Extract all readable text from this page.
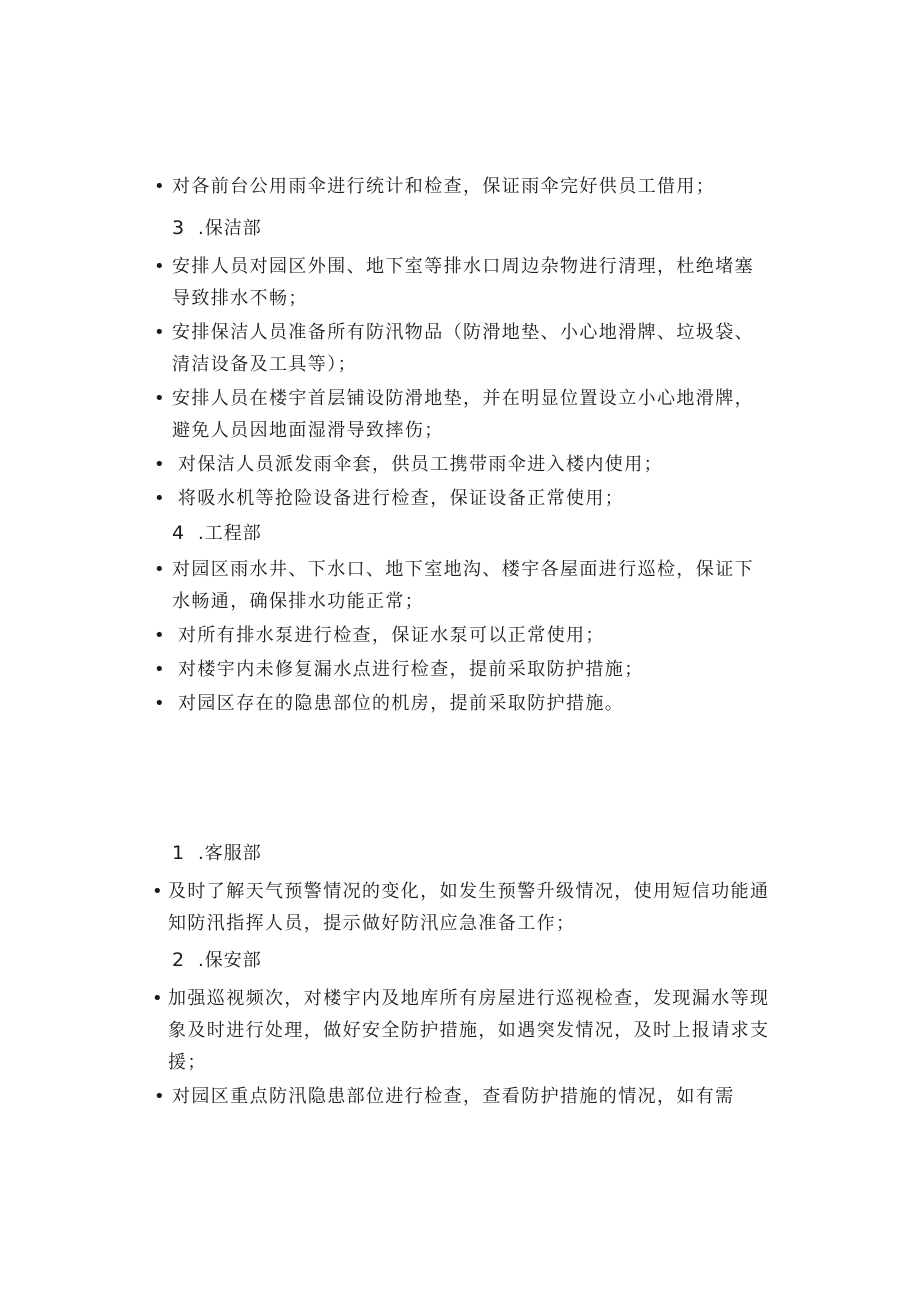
• 对各前台公用雨伞进行统计和检查，保证雨伞完好供员工借用；
3 .保洁部
• 安排人员对园区外围、地下室等排水口周边杂物进行清理，杜绝堵塞导致排水不畅；
• 安排保洁人员准备所有防汛物品（防滑地垫、小心地滑牌、垃圾袋、清洁设备及工具等）；
• 安排人员在楼宇首层铺设防滑地垫，并在明显位置设立小心地滑牌，避免人员因地面湿滑导致摔伤；
• 对保洁人员派发雨伞套，供员工携带雨伞进入楼内使用；
• 将吸水机等抢险设备进行检查，保证设备正常使用；
4 .工程部
• 对园区雨水井、下水口、地下室地沟、楼宇各屋面进行巡检，保证下水畅通，确保排水功能正常；
• 对所有排水泵进行检查，保证水泵可以正常使用；
• 对楼宇内未修复漏水点进行检查，提前采取防护措施；
• 对园区存在的隐患部位的机房，提前采取防护措施。
1 .客服部
• 及时了解天气预警情况的变化，如发生预警升级情况，使用短信功能通知防汛指挥人员，提示做好防汛应急准备工作；
2 .保安部
• 加强巡视频次，对楼宇内及地库所有房屋进行巡视检查，发现漏水等现象及时进行处理，做好安全防护措施，如遇突发情况，及时上报请求支援；
• 对园区重点防汛隐患部位进行检查，查看防护措施的情况，如有需
